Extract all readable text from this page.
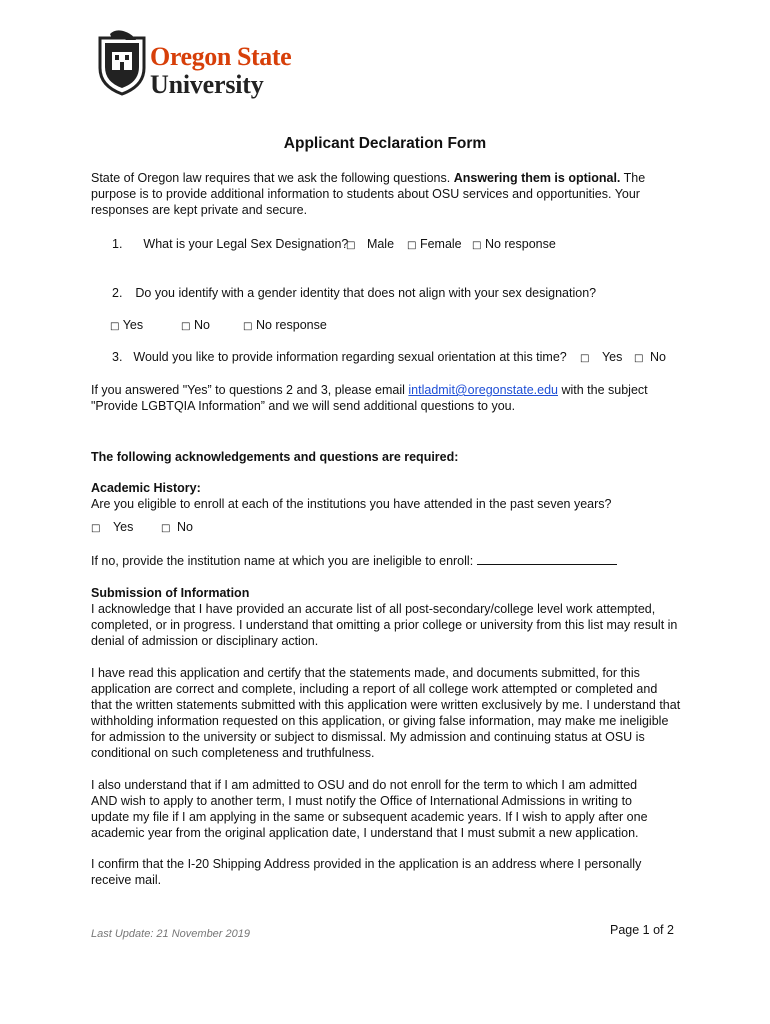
Oregon State
University
Applicant Declaration Form
State of Oregon law requires that we ask the following questions. Answering them is optional. The purpose is to provide additional information to students about OSU services and opportunities. Your responses are kept private and secure.
1. What is your Legal Sex Designation?
□ Male □ Female □ No response
2. Do you identify with a gender identity that does not align with your sex designation?
□ Yes	□ No	□ No response
3. Would you like to provide information regarding sexual orientation at this time? □ Yes □ No
If you answered "Yes” to questions 2 and 3, please email intladmit@oregonstate.edu with the subject
"Provide LGBTQIA Information” and we will send additional questions to you.
The following acknowledgements and questions are required:
Academic History:
Are you eligible to enroll at each of the institutions you have attended in the past seven years?
□ Yes	□ No
If no, provide the institution name at which you are ineligible to enroll:
Submission of Information
I acknowledge that I have provided an accurate list of all post-secondary/college level work attempted, completed, or in progress. I understand that omitting a prior college or university from this list may result in denial of admission or disciplinary action.
I have read this application and certify that the statements made, and documents submitted, for this application are correct and complete, including a report of all college work attempted or completed and that the written statements submitted with this application were written exclusively by me. I understand that withholding information requested on this application, or giving false information, may make me ineligible for admission to the university or subject to dismissal. My admission and continuing status at OSU is conditional on such completeness and truthfulness.
I also understand that if I am admitted to OSU and do not enroll for the term to which I am admitted AND wish to apply to another term, I must notify the Office of International Admissions in writing to update my file if I am applying in the same or subsequent academic years. If I wish to apply after one academic year from the original application date, I understand that I must submit a new application.
I confirm that the I-20 Shipping Address provided in the application is an address where I personally receive mail.
Last Update: 21 November 2019	Page 1 of 2
